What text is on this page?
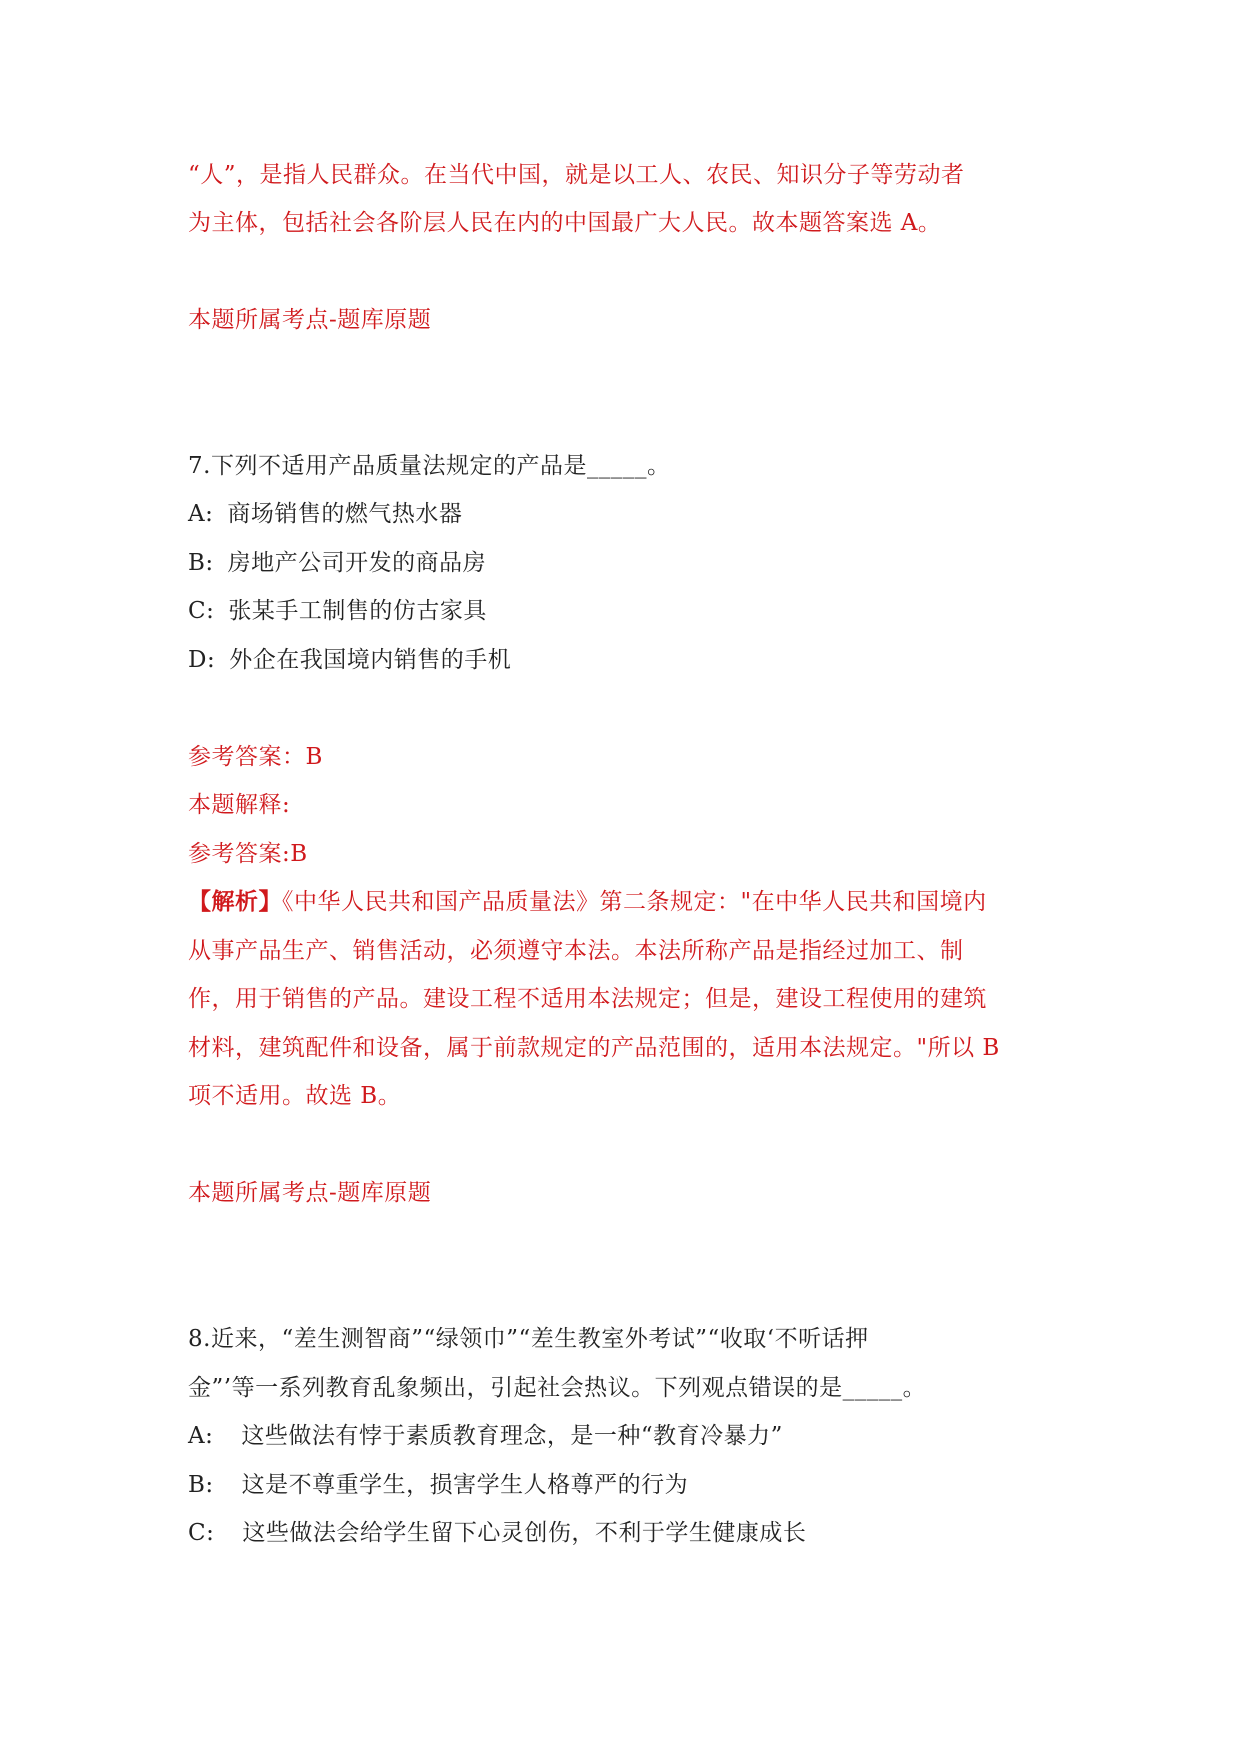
“人”，是指人民群众。在当代中国，就是以工人、农民、知识分子等劳动者
为主体，包括社会各阶层人民在内的中国最广大人民。故本题答案选 A。
本题所属考点-题库原题
7.下列不适用产品质量法规定的产品是_____。
A: 商场销售的燃气热水器
B: 房地产公司开发的商品房
C: 张某手工制售的仿古家具
D: 外企在我国境内销售的手机
参考答案：B
本题解释:
参考答案:B
【解析】《中华人民共和国产品质量法》第二条规定："在中华人民共和国境内
从事产品生产、销售活动，必须遵守本法。本法所称产品是指经过加工、制
作，用于销售的产品。建设工程不适用本法规定；但是，建设工程使用的建筑
材料，建筑配件和设备，属于前款规定的产品范围的，适用本法规定。"所以 B
项不适用。故选 B。
本题所属考点-题库原题
8.近来，“差生测智商”“绿领巾”“差生教室外考试”“收取‘不听话押
金”’等一系列教育乱象频出，引起社会热议。下列观点错误的是_____。
A: 这些做法有悖于素质教育理念，是一种“教育冷暴力”
B: 这是不尊重学生，损害学生人格尊严的行为
C: 这些做法会给学生留下心灵创伤，不利于学生健康成长
